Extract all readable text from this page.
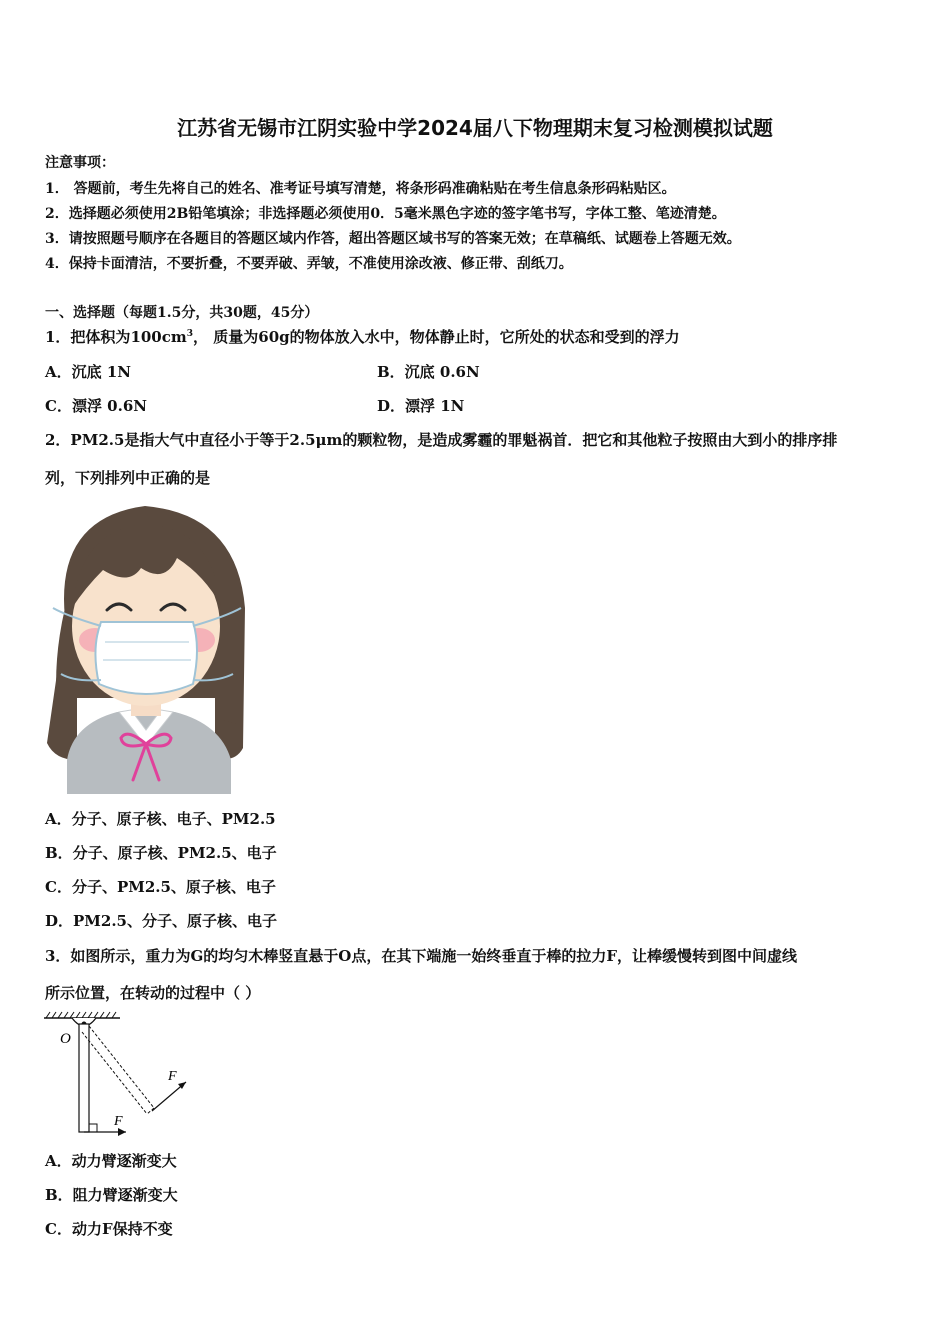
江苏省无锡市江阴实验中学2024届八下物理期末复习检测模拟试题
注意事项：
1． 答题前，考生先将自己的姓名、准考证号填写清楚，将条形码准确粘贴在考生信息条形码粘贴区。
2．选择题必须使用2B铅笔填涂；非选择题必须使用0．5毫米黑色字迹的签字笔书写，字体工整、笔迹清楚。
3．请按照题号顺序在各题目的答题区域内作答，超出答题区域书写的答案无效；在草稿纸、试题卷上答题无效。
4．保持卡面清洁，不要折叠，不要弄破、弄皱，不准使用涂改液、修正带、刮纸刀。
一、选择题（每题1.5分，共30题，45分）
1．把体积为$100cm^3$， 质量为60g的物体放入水中，物体静止时，它所处的状态和受到的浮力
A．沉底 1N	B．沉底 0.6N
C．漂浮 0.6N	D．漂浮 1N
2．PM2.5是指大气中直径小于等于2.5μm的颗粒物，是造成雾霾的罪魁祸首．把它和其他粒子按照由大到小的排序排
列，下列排列中正确的是
A．分子、原子核、电子、PM2.5
B．分子、原子核、PM2.5、电子
C．分子、PM2.5、原子核、电子
D．PM2.5、分子、原子核、电子
3．如图所示，重力为G的均匀木棒竖直悬于O点，在其下端施一始终垂直于棒的拉力F，让棒缓慢转到图中间虚线
所示位置，在转动的过程中（ ）
O
F
F
A．动力臂逐渐变大
B．阻力臂逐渐变大
C．动力F保持不变
